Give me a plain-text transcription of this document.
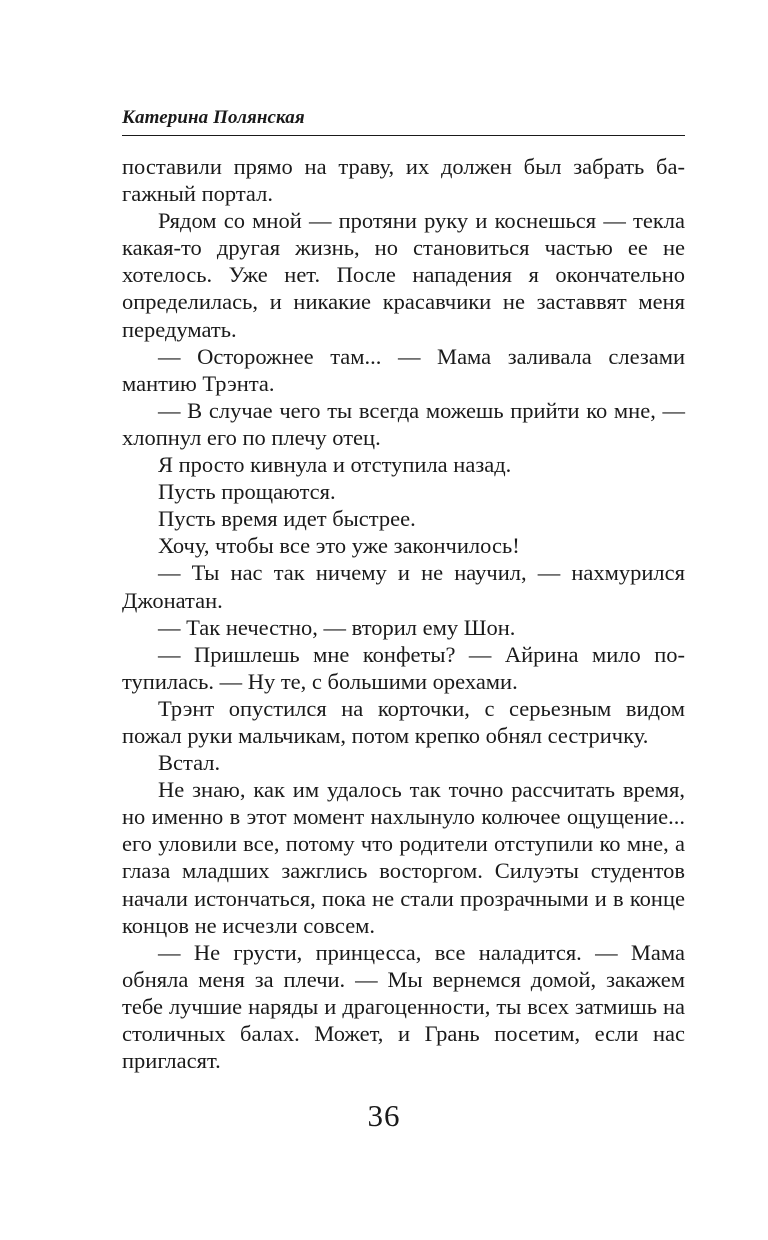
Катерина Полянская

поставили прямо на траву, их должен был забрать багажный портал.

Рядом со мной — протяни руку и коснешься — текла какая-то другая жизнь, но становиться частью ее не хотелось. Уже нет. После нападения я окончательно определилась, и никакие красавчики не заставвят меня передумать.

— Осторожнее там... — Мама заливала слезами мантию Трэнта.

— В случае чего ты всегда можешь прийти ко мне, — хлопнул его по плечу отец.

Я просто кивнула и отступила назад.

Пусть прощаются.

Пусть время идет быстрее.

Хочу, чтобы все это уже закончилось!

— Ты нас так ничему и не научил, — нахмурился Джонатан.

— Так нечестно, — вторил ему Шон.

— Пришлешь мне конфеты? — Айрина мило потупилась. — Ну те, с большими орехами.

Трэнт опустился на корточки, с серьезным видом пожал руки мальчикам, потом крепко обнял сестричку.

Встал.

Не знаю, как им удалось так точно рассчитать время, но именно в этот момент нахлынуло колючее ощущение... его уловили все, потому что родители отступили ко мне, а глаза младших зажглись восторгом. Силуэты студентов начали истончаться, пока не стали прозрачными и в конце концов не исчезли совсем.

— Не грусти, принцесса, все наладится. — Мама обняла меня за плечи. — Мы вернемся домой, закажем тебе лучшие наряды и драгоценности, ты всех затмишь на столичных балах. Может, и Грань посетим, если нас пригласят.

36
